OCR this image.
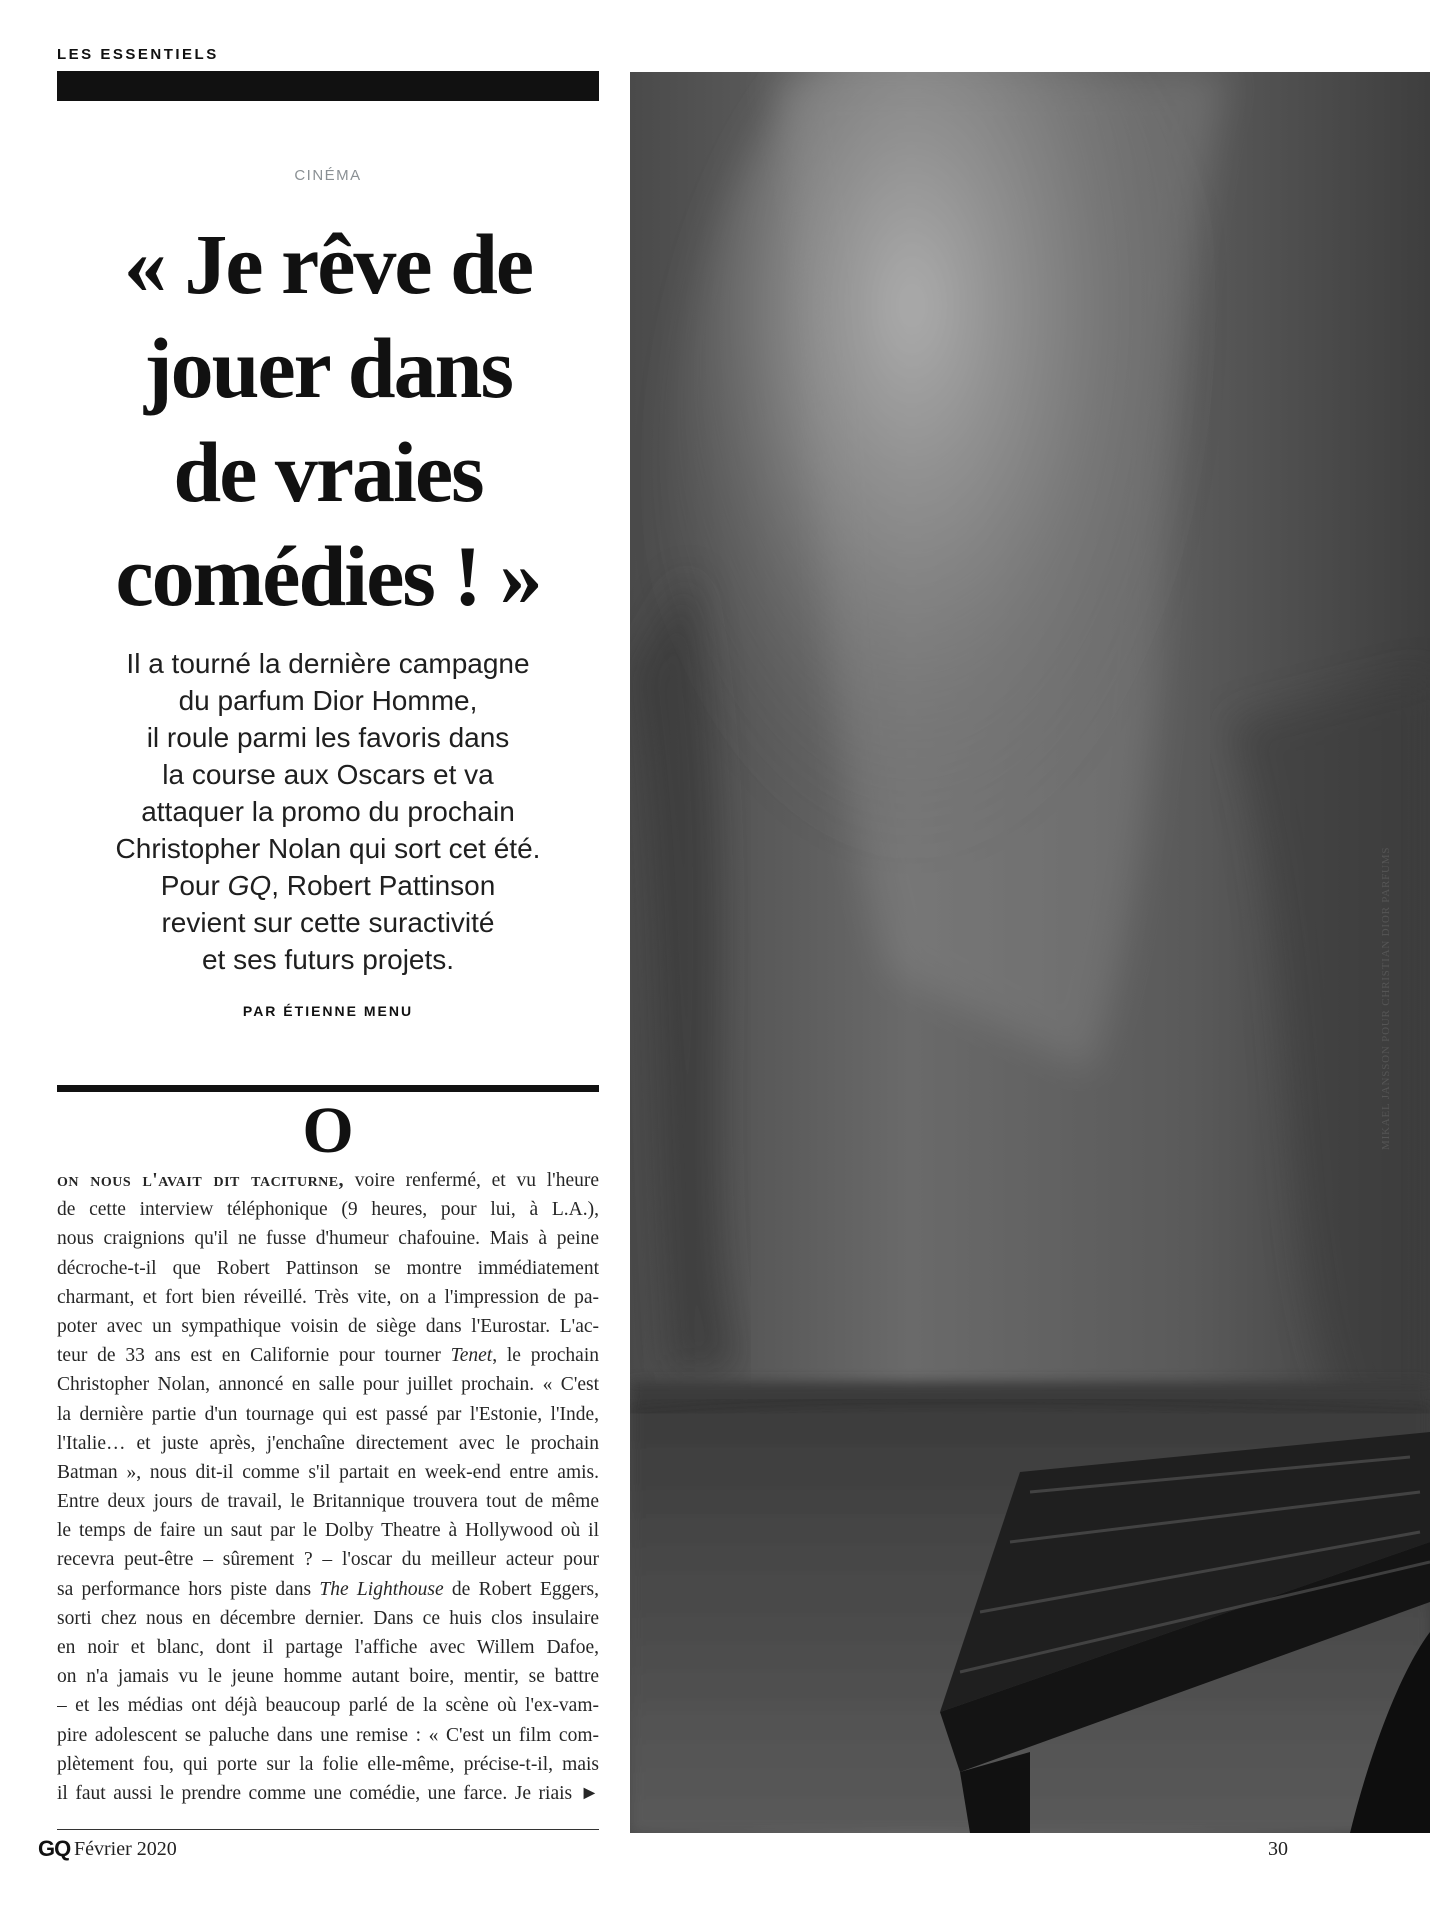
LES ESSENTIELS
CINÉMA
« Je rêve de
jouer dans
de vraies
comédies ! »
Il a tourné la dernière campagne
du parfum Dior Homme,
il roule parmi les favoris dans
la course aux Oscars et va
attaquer la promo du prochain
Christopher Nolan qui sort cet été.
Pour GQ, Robert Pattinson
revient sur cette suractivité
et ses futurs projets.
PAR ÉTIENNE MENU
O
on nous l'avait dit taciturne, voire renfermé, et vu l'heure
de cette interview téléphonique (9 heures, pour lui, à L.A.),
nous craignions qu'il ne fusse d'humeur chafouine. Mais à peine
décroche-t-il que Robert Pattinson se montre immédiatement
charmant, et fort bien réveillé. Très vite, on a l'impression de pa-
poter avec un sympathique voisin de siège dans l'Eurostar. L'ac-
teur de 33 ans est en Californie pour tourner Tenet, le prochain
Christopher Nolan, annoncé en salle pour juillet prochain. « C'est
la dernière partie d'un tournage qui est passé par l'Estonie, l'Inde,
l'Italie… et juste après, j'enchaîne directement avec le prochain
Batman », nous dit-il comme s'il partait en week-end entre amis.
Entre deux jours de travail, le Britannique trouvera tout de même
le temps de faire un saut par le Dolby Theatre à Hollywood où il
recevra peut-être – sûrement ? – l'oscar du meilleur acteur pour
sa performance hors piste dans The Lighthouse de Robert Eggers,
sorti chez nous en décembre dernier. Dans ce huis clos insulaire
en noir et blanc, dont il partage l'affiche avec Willem Dafoe,
on n'a jamais vu le jeune homme autant boire, mentir, se battre
– et les médias ont déjà beaucoup parlé de la scène où l'ex-vam-
pire adolescent se paluche dans une remise : « C'est un film com-
plètement fou, qui porte sur la folie elle-même, précise-t-il, mais
il faut aussi le prendre comme une comédie, une farce. Je riais ►
GQ Février 2020	30
MIKAEL JANSSON POUR CHRISTIAN DIOR PARFUMS
